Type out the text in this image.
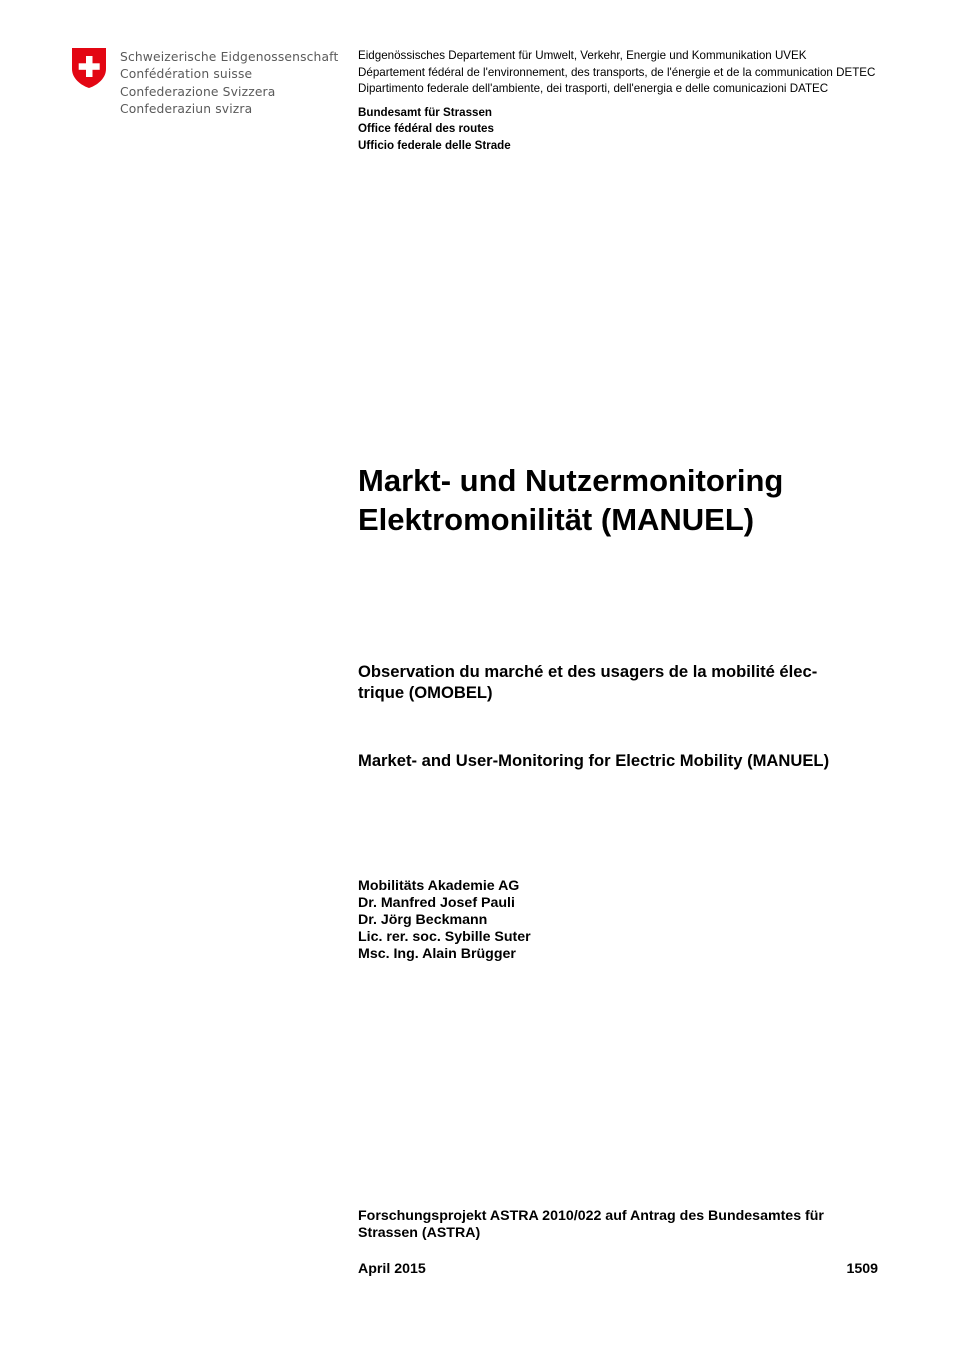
Schweizerische Eidgenossenschaft
Confédération suisse
Confederazione Svizzera
Confederaziun svizra
Eidgenössisches Departement für Umwelt, Verkehr, Energie und Kommunikation UVEK
Département fédéral de l'environnement, des transports, de l'énergie et de la communication DETEC
Dipartimento federale dell'ambiente, dei trasporti, dell'energia e delle comunicazioni DATEC
Bundesamt für Strassen
Office fédéral des routes
Ufficio federale delle Strade
Markt- und Nutzermonitoring
Elektromonilität (MANUEL)
Observation du marché et des usagers de la mobilité élec-
trique (OMOBEL)
Market- and User-Monitoring for Electric Mobility (MANUEL)
Mobilitäts Akademie AG
Dr. Manfred Josef Pauli
Dr. Jörg Beckmann
Lic. rer. soc. Sybille Suter
Msc. Ing. Alain Brügger
Forschungsprojekt ASTRA 2010/022 auf Antrag des Bundesamtes für
Strassen (ASTRA)
April 2015	1509
